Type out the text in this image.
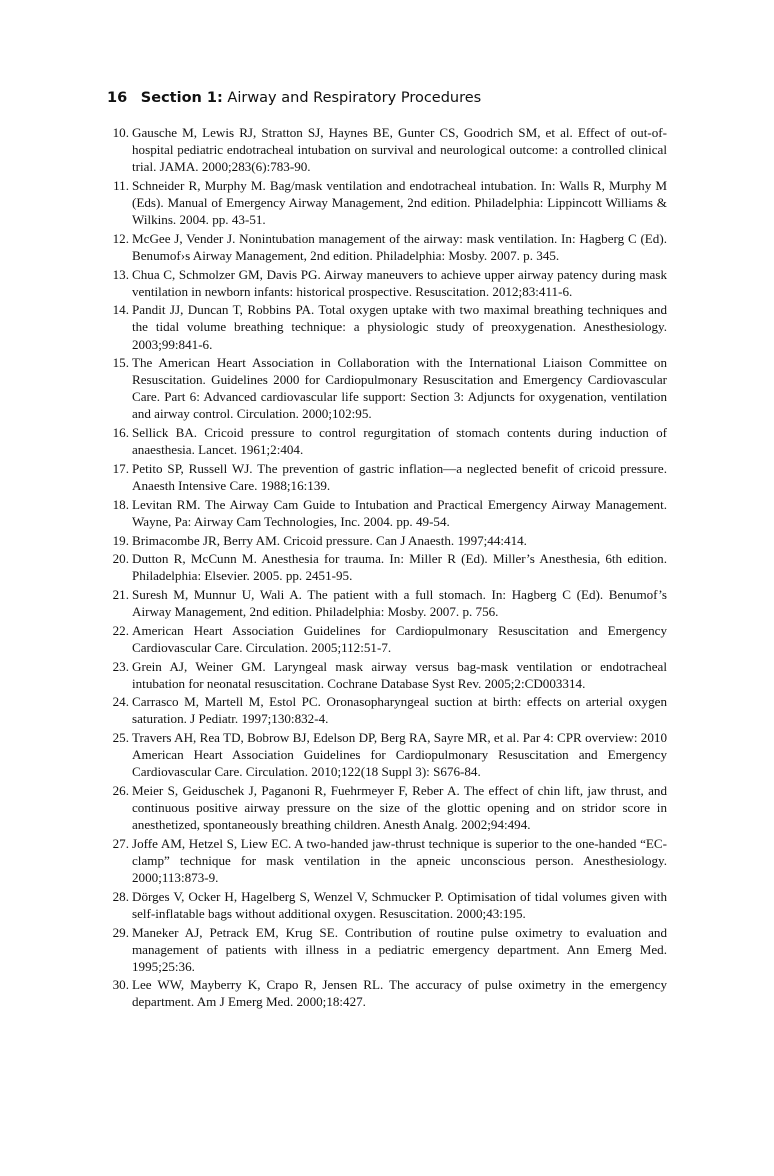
16 Section 1: Airway and Respiratory Procedures
10. Gausche M, Lewis RJ, Stratton SJ, Haynes BE, Gunter CS, Goodrich SM, et al. Effect of out-of-hospital pediatric endotracheal intubation on survival and neurological outcome: a controlled clinical trial. JAMA. 2000;283(6):783-90.
11. Schneider R, Murphy M. Bag/mask ventilation and endotracheal intubation. In: Walls R, Murphy M (Eds). Manual of Emergency Airway Management, 2nd edition. Philadelphia: Lippincott Williams & Wilkins. 2004. pp. 43-51.
12. McGee J, Vender J. Nonintubation management of the airway: mask ventilation. In: Hagberg C (Ed). Benumof›s Airway Management, 2nd edition. Philadelphia: Mosby. 2007. p. 345.
13. Chua C, Schmolzer GM, Davis PG. Airway maneuvers to achieve upper airway patency during mask ventilation in newborn infants: historical prospective. Resuscitation. 2012;83:411-6.
14. Pandit JJ, Duncan T, Robbins PA. Total oxygen uptake with two maximal breathing techniques and the tidal volume breathing technique: a physiologic study of preoxygenation. Anesthesiology. 2003;99:841-6.
15. The American Heart Association in Collaboration with the International Liaison Committee on Resuscitation. Guidelines 2000 for Cardiopulmonary Resuscitation and Emergency Cardiovascular Care. Part 6: Advanced cardiovascular life support: Section 3: Adjuncts for oxygenation, ventilation and airway control. Circulation. 2000;102:95.
16. Sellick BA. Cricoid pressure to control regurgitation of stomach contents during induction of anaesthesia. Lancet. 1961;2:404.
17. Petito SP, Russell WJ. The prevention of gastric inflation—a neglected benefit of cricoid pressure. Anaesth Intensive Care. 1988;16:139.
18. Levitan RM. The Airway Cam Guide to Intubation and Practical Emergency Airway Management. Wayne, Pa: Airway Cam Technologies, Inc. 2004. pp. 49-54.
19. Brimacombe JR, Berry AM. Cricoid pressure. Can J Anaesth. 1997;44:414.
20. Dutton R, McCunn M. Anesthesia for trauma. In: Miller R (Ed). Miller’s Anesthesia, 6th edition. Philadelphia: Elsevier. 2005. pp. 2451-95.
21. Suresh M, Munnur U, Wali A. The patient with a full stomach. In: Hagberg C (Ed). Benumof’s Airway Management, 2nd edition. Philadelphia: Mosby. 2007. p. 756.
22. American Heart Association Guidelines for Cardiopulmonary Resuscitation and Emergency Cardiovascular Care. Circulation. 2005;112:51-7.
23. Grein AJ, Weiner GM. Laryngeal mask airway versus bag-mask ventilation or endotracheal intubation for neonatal resuscitation. Cochrane Database Syst Rev. 2005;2:CD003314.
24. Carrasco M, Martell M, Estol PC. Oronasopharyngeal suction at birth: effects on arterial oxygen saturation. J Pediatr. 1997;130:832-4.
25. Travers AH, Rea TD, Bobrow BJ, Edelson DP, Berg RA, Sayre MR, et al. Par 4: CPR overview: 2010 American Heart Association Guidelines for Cardiopulmonary Resuscitation and Emergency Cardiovascular Care. Circulation. 2010;122(18 Suppl 3): S676-84.
26. Meier S, Geiduschek J, Paganoni R, Fuehrmeyer F, Reber A. The effect of chin lift, jaw thrust, and continuous positive airway pressure on the size of the glottic opening and on stridor score in anesthetized, spontaneously breathing children. Anesth Analg. 2002;94:494.
27. Joffe AM, Hetzel S, Liew EC. A two-handed jaw-thrust technique is superior to the one-handed “EC-clamp” technique for mask ventilation in the apneic unconscious person. Anesthesiology. 2000;113:873-9.
28. Dörges V, Ocker H, Hagelberg S, Wenzel V, Schmucker P. Optimisation of tidal volumes given with self-inflatable bags without additional oxygen. Resuscitation. 2000;43:195.
29. Maneker AJ, Petrack EM, Krug SE. Contribution of routine pulse oximetry to evaluation and management of patients with illness in a pediatric emergency department. Ann Emerg Med. 1995;25:36.
30. Lee WW, Mayberry K, Crapo R, Jensen RL. The accuracy of pulse oximetry in the emergency department. Am J Emerg Med. 2000;18:427.
